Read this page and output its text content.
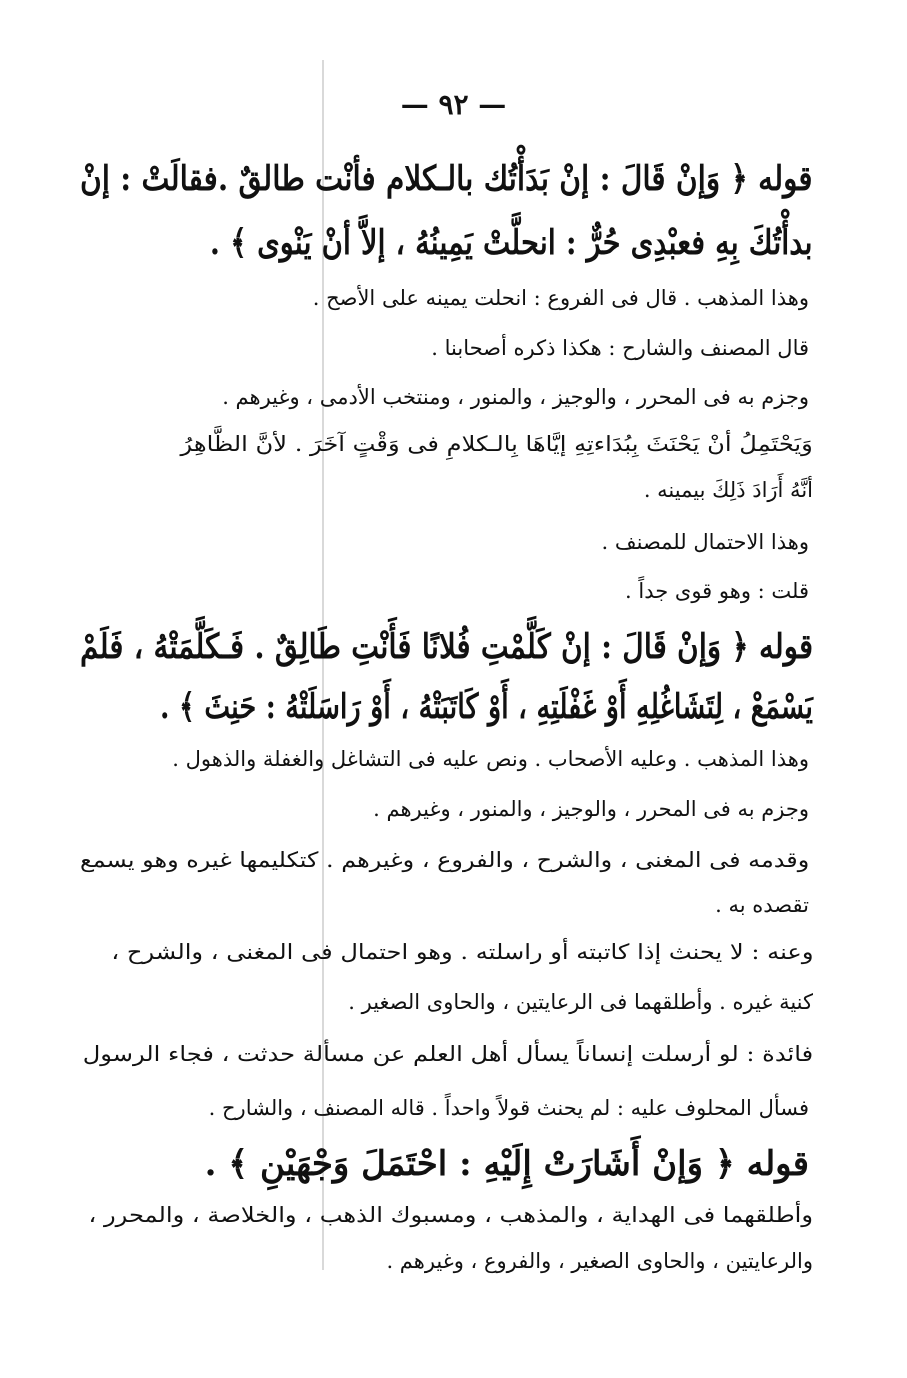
— ٩٢ —
قوله ﴿ وَإنْ قَالَ : إنْ بَدَأْتُك بالـكلام فأنْت طالقٌ .فقالَتْ : إنْ
بدأْتُكَ بِهِ فعبْدِى حُرٌّ : انحلَّتْ يَمِينُهُ ، إلاَّ أنْ يَنْوى ﴾ .
وهذا المذهب . قال فى الفروع : انحلت يمينه على الأصح .
قال المصنف والشارح : هكذا ذكره أصحابنا .
وجزم به فى المحرر ، والوجيز ، والمنور ، ومنتخب الأدمى ، وغيرهم .
وَيَحْتَمِلُ أنْ يَحْنَثَ بِبُدَاءتِهِ إيَّاهَا بِالـكلامِ فى وَقْتٍ آخَرَ . لأنَّ الظَّاهِرُ
أنَّهُ أَرَادَ ذَلِكَ بيمينه .
وهذا الاحتمال للمصنف .
قلت : وهو قوى جداً .
قوله ﴿ وَإنْ قَالَ : إنْ كَلَّمْتِ فُلانًا فَأَنْتِ طَالِقٌ . فَـكَلَّمَتْهُ ، فَلَمْ
يَسْمَعْ ، لِتَشَاغُلِهِ أَوْ غَفْلَتِهِ ، أَوْ كَاتَبَتْهُ ، أَوْ رَاسَلَتْهُ : حَنِثَ ﴾ .
وهذا المذهب . وعليه الأصحاب . ونص عليه فى التشاغل والغفلة والذهول .
وجزم به فى المحرر ، والوجيز ، والمنور ، وغيرهم .
وقدمه فى المغنى ، والشرح ، والفروع ، وغيرهم . كتكليمها غيره وهو يسمع
تقصده به .
وعنه : لا يحنث إذا كاتبته أو راسلته . وهو احتمال فى المغنى ، والشرح ،
كنية غيره . وأطلقهما فى الرعايتين ، والحاوى الصغير .
فائدة : لو أرسلت إنساناً يسأل أهل العلم عن مسألة حدثت ، فجاء الرسول
فسأل المحلوف عليه : لم يحنث قولاً واحداً . قاله المصنف ، والشارح .
قوله ﴿ وَإنْ أَشَارَتْ إِلَيْهِ : احْتَمَلَ وَجْهَيْنِ ﴾ .
وأطلقهما فى الهداية ، والمذهب ، ومسبوك الذهب ، والخلاصة ، والمحرر ،
والرعايتين ، والحاوى الصغير ، والفروع ، وغيرهم .
